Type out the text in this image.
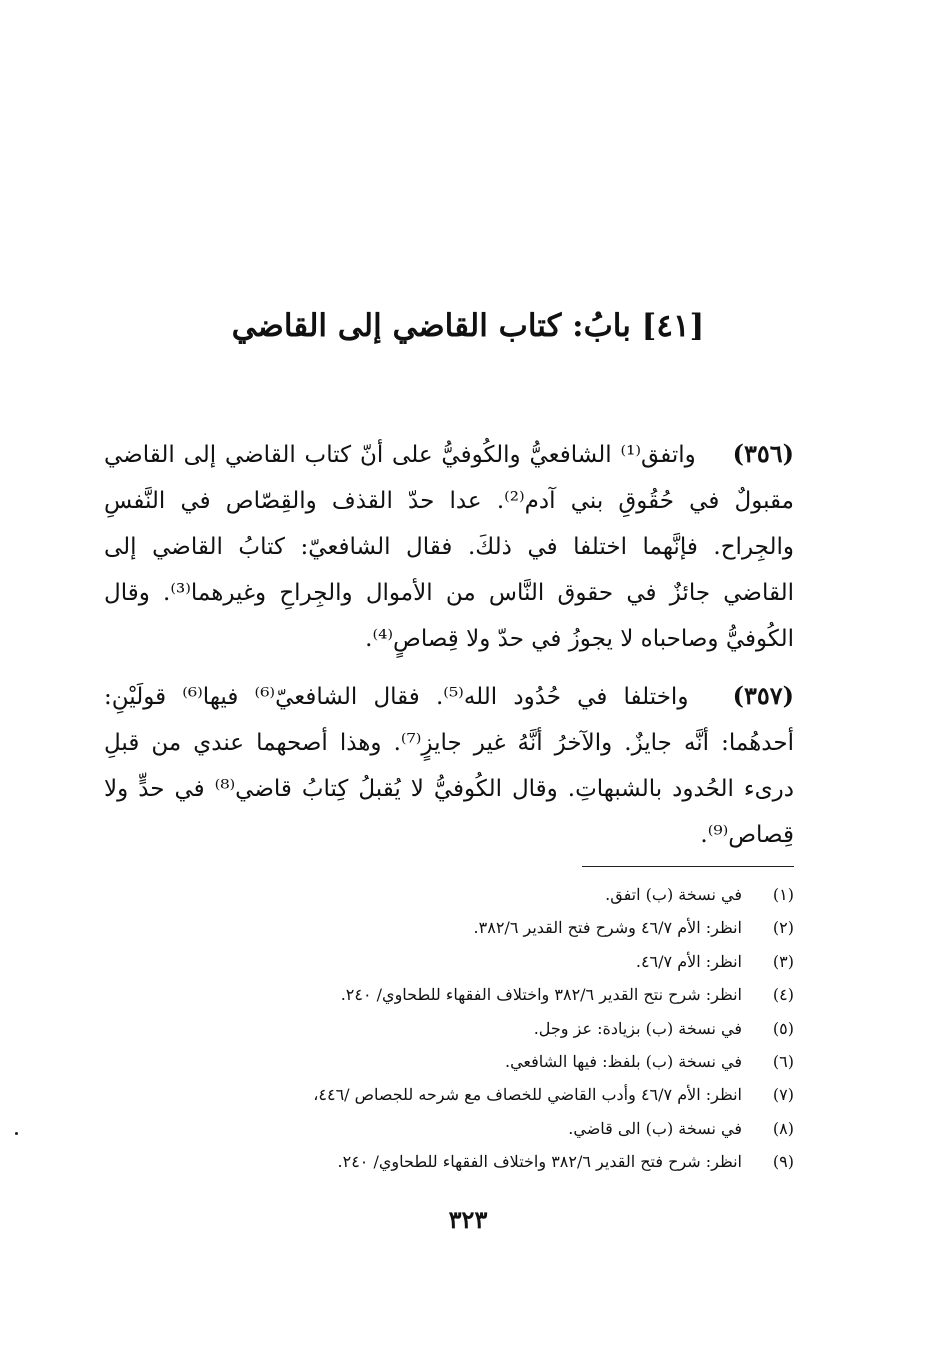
[٤١] بابُ: كتاب القاضي إلى القاضي

(٣٥٦) واتفق⁽¹⁾ الشافعيُّ والكُوفيُّ على أنّ كتاب القاضي إلى القاضي مقبولٌ في حُقُوقِ بني آدم⁽²⁾. عدا حدّ القذف والقِصّاص في النَّفسِ والجِراح. فإنَّهما اختلفا في ذلكَ. فقال الشافعيّ: كتابُ القاضي إلى القاضي جائزٌ في حقوق النَّاس من الأموال والجِراحِ وغيرهما⁽³⁾. وقال الكُوفيُّ وصاحباه لا يجوزُ في حدّ ولا قِصاصٍ⁽⁴⁾.

(٣٥٧) واختلفا في حُدُود الله⁽⁵⁾. فقال الشافعيّ⁽⁶⁾ فيها⁽⁶⁾ قولَيْنِ: أحدهُما: أنَّه جايزٌ. والآخرُ أنَّهُ غير جايزٍ⁽⁷⁾. وهذا أصحهما عندي من قبلِ درىء الحُدود بالشبهاتِ. وقال الكُوفيُّ لا يُقبلُ كِتابُ قاضي⁽⁸⁾ في حدٍّ ولا قِصاص⁽⁹⁾.

(١)في نسخة (ب) اتفق.
(٢)انظر: الأم ٤٦/٧ وشرح فتح القدير ٣٨٢/٦.
(٣)انظر: الأم ٤٦/٧.
(٤)انظر: شرح نتح القدير ٣٨٢/٦ واختلاف الفقهاء للطحاوي/ ٢٤٠.
(٥)في نسخة (ب) بزيادة: عز وجل.
(٦)في نسخة (ب) بلفظ: فيها الشافعي.
(٧)انظر: الأم ٤٦/٧ وأدب القاضي للخصاف مع شرحه للجصاص /٤٤٦،
(٨)في نسخة (ب) الى قاضي.
(٩)انظر: شرح فتح القدير ٣٨٢/٦ واختلاف الفقهاء للطحاوي/ ٢٤٠.
٣٢٣
